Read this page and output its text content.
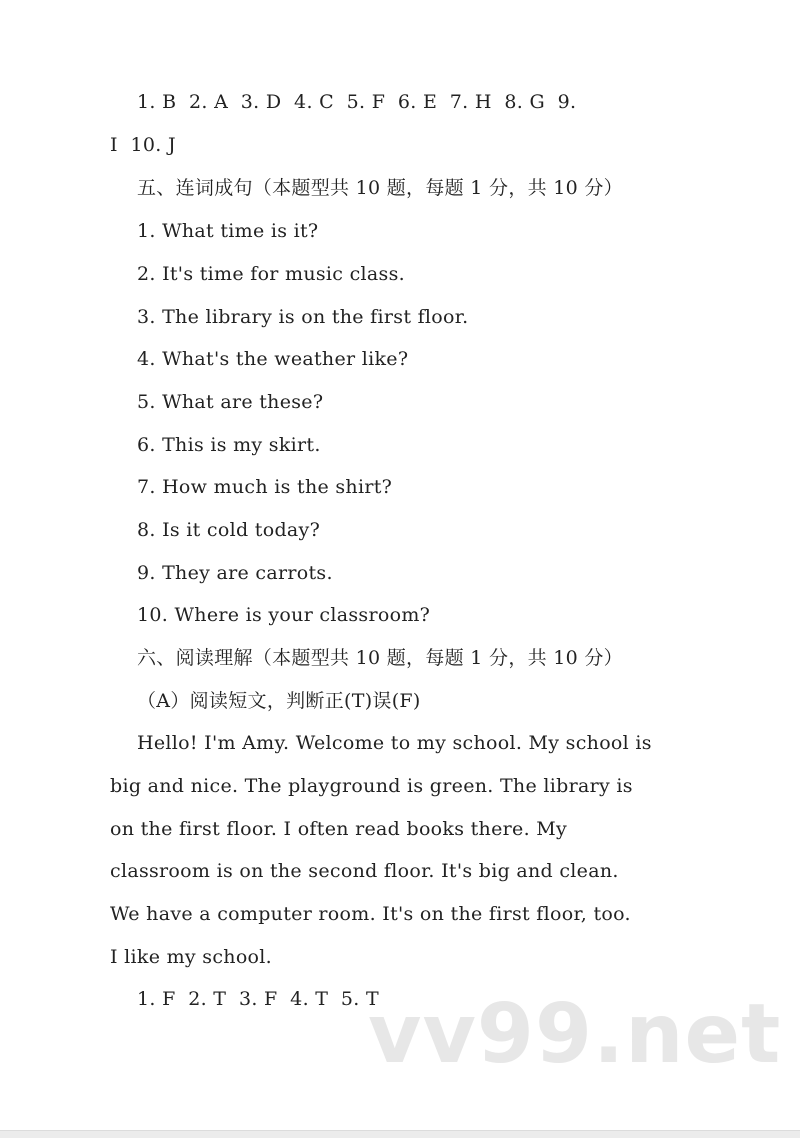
1. B  2. A  3. D  4. C  5. F  6. E  7. H  8. G  9.
I  10. J
五、连词成句（本题型共 10 题，每题 1 分，共 10 分）
1. What time is it?
2. It's time for music class.
3. The library is on the first floor.
4. What's the weather like?
5. What are these?
6. This is my skirt.
7. How much is the shirt?
8. Is it cold today?
9. They are carrots.
10. Where is your classroom?
六、阅读理解（本题型共 10 题，每题 1 分，共 10 分）
（A）阅读短文，判断正(T)误(F)
Hello! I'm Amy. Welcome to my school. My school is
big and nice. The playground is green. The library is
on the first floor. I often read books there. My
classroom is on the second floor. It's big and clean.
We have a computer room. It's on the first floor, too.
I like my school.
1. F  2. T  3. F  4. T  5. T
vv99.net
